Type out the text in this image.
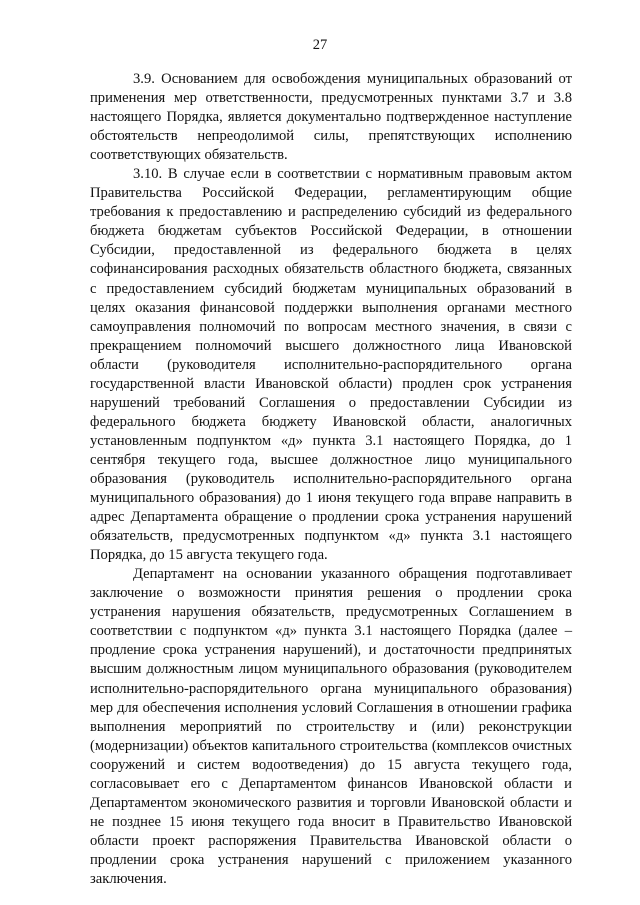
27

3.9. Основанием для освобождения муниципальных образований от применения мер ответственности, предусмотренных пунктами 3.7 и 3.8 настоящего Порядка, является документально подтвержденное наступление обстоятельств непреодолимой силы, препятствующих исполнению соответствующих обязательств.

3.10. В случае если в соответствии с нормативным правовым актом Правительства Российской Федерации, регламентирующим общие требования к предоставлению и распределению субсидий из федерального бюджета бюджетам субъектов Российской Федерации, в отношении Субсидии, предоставленной из федерального бюджета в целях софинансирования расходных обязательств областного бюджета, связанных с предоставлением субсидий бюджетам муниципальных образований в целях оказания финансовой поддержки выполнения органами местного самоуправления полномочий по вопросам местного значения, в связи с прекращением полномочий высшего должностного лица Ивановской области (руководителя исполнительно-распорядительного органа государственной власти Ивановской области) продлен срок устранения нарушений требований Соглашения о предоставлении Субсидии из федерального бюджета бюджету Ивановской области, аналогичных установленным подпунктом «д» пункта 3.1 настоящего Порядка, до 1 сентября текущего года, высшее должностное лицо муниципального образования (руководитель исполнительно-распорядительного органа муниципального образования) до 1 июня текущего года вправе направить в адрес Департамента обращение о продлении срока устранения нарушений обязательств, предусмотренных подпунктом «д» пункта 3.1 настоящего Порядка, до 15 августа текущего года.

Департамент на основании указанного обращения подготавливает заключение о возможности принятия решения о продлении срока устранения нарушения обязательств, предусмотренных Соглашением в соответствии с подпунктом «д» пункта 3.1 настоящего Порядка (далее – продление срока устранения нарушений), и достаточности предпринятых высшим должностным лицом муниципального образования (руководителем исполнительно-распорядительного органа муниципального образования) мер для обеспечения исполнения условий Соглашения в отношении графика выполнения мероприятий по строительству и (или) реконструкции (модернизации) объектов капитального строительства (комплексов очистных сооружений и систем водоотведения) до 15 августа текущего года, согласовывает его с Департаментом финансов Ивановской области и Департаментом экономического развития и торговли Ивановской области и не позднее 15 июня текущего года вносит в Правительство Ивановской области проект распоряжения Правительства Ивановской области о продлении срока устранения нарушений с приложением указанного заключения.
